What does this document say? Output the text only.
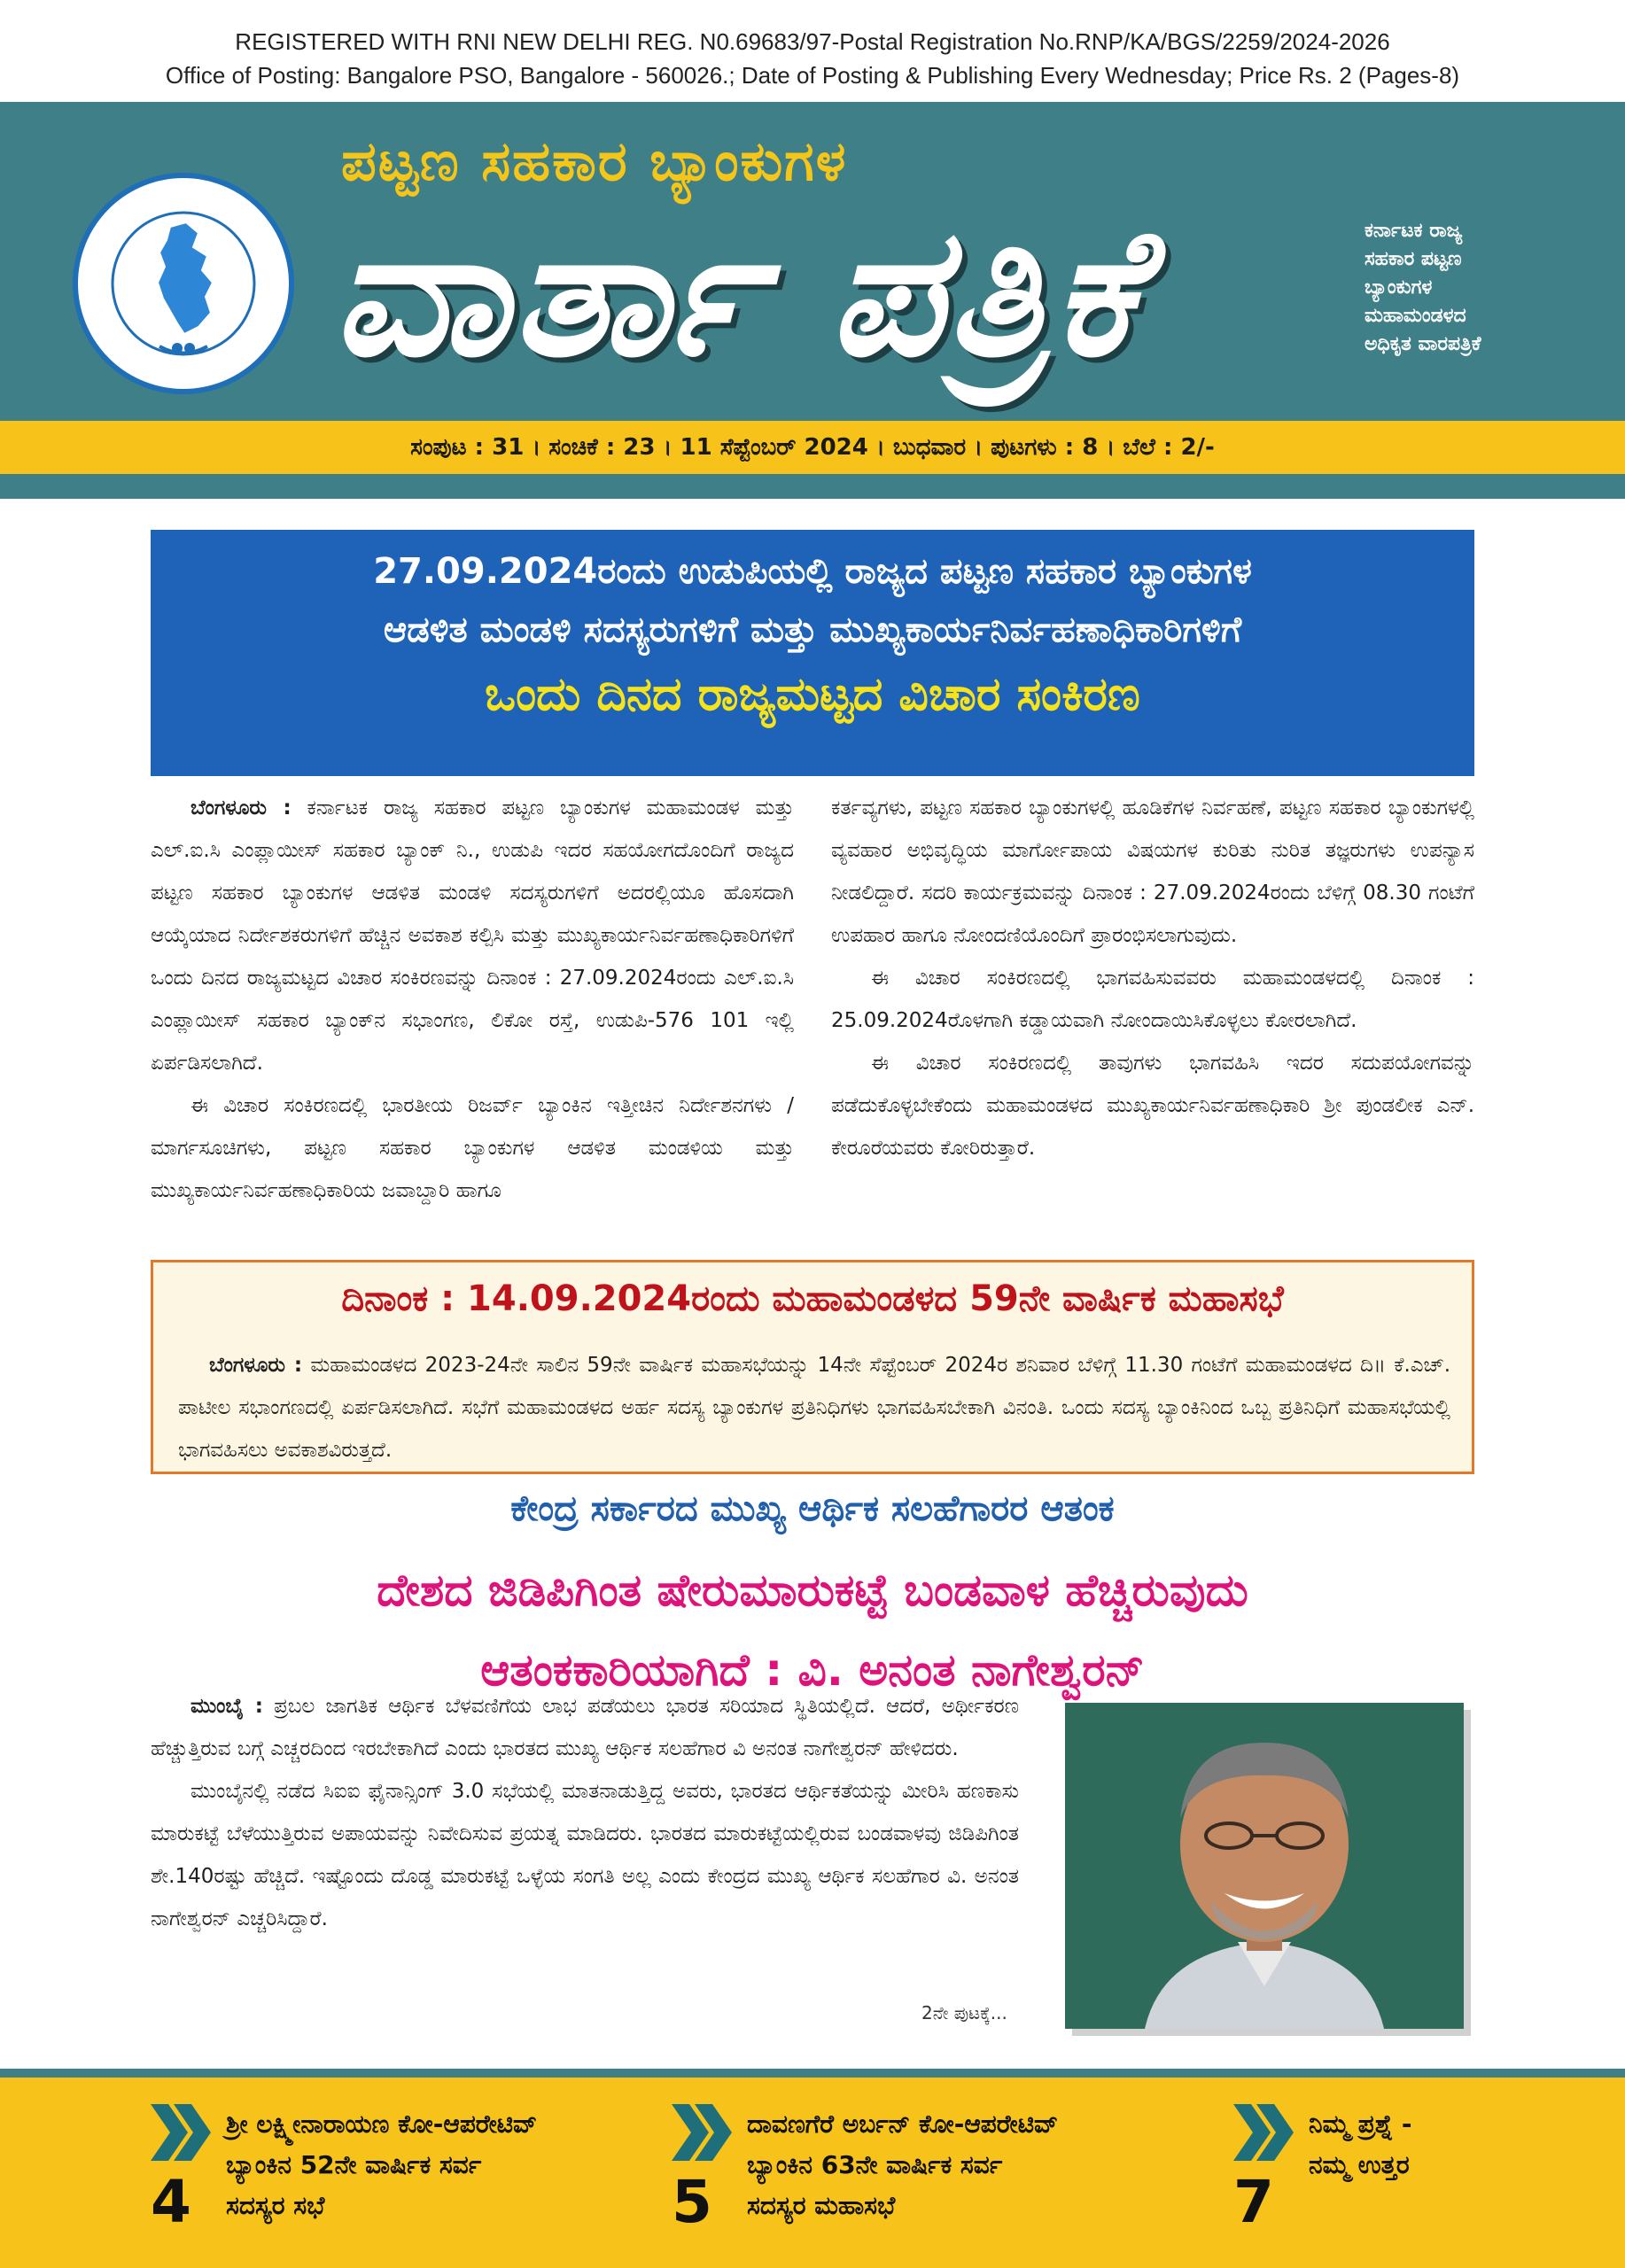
REGISTERED WITH RNI NEW DELHI REG. N0.69683/97-Postal Registration No.RNP/KA/BGS/2259/2024-2026
Office of Posting: Bangalore PSO, Bangalore - 560026.; Date of Posting & Publishing Every Wednesday; Price Rs. 2 (Pages-8)
ಪಟ್ಟಣ ಸಹಕಾರ ಬ್ಯಾಂಕುಗಳ
ವಾರ್ತಾ ಪತ್ರಿಕೆ	ಕರ್ನಾಟಕ ರಾಜ್ಯ
ಸಹಕಾರ ಪಟ್ಟಣ
ಬ್ಯಾಂಕುಗಳ
ಮಹಾಮಂಡಳದ
ಅಧಿಕೃತ ವಾರಪತ್ರಿಕೆ
ಸಂಪುಟ : 31 । ಸಂಚಿಕೆ : 23 । 11 ಸೆಪ್ಟೆಂಬರ್ 2024 । ಬುಧವಾರ । ಪುಟಗಳು : 8 । ಬೆಲೆ : 2/-
27.09.2024ರಂದು ಉಡುಪಿಯಲ್ಲಿ ರಾಜ್ಯದ ಪಟ್ಟಣ ಸಹಕಾರ ಬ್ಯಾಂಕುಗಳ
ಆಡಳಿತ ಮಂಡಳಿ ಸದಸ್ಯರುಗಳಿಗೆ ಮತ್ತು ಮುಖ್ಯಕಾರ್ಯನಿರ್ವಹಣಾಧಿಕಾರಿಗಳಿಗೆ
ಒಂದು ದಿನದ ರಾಜ್ಯಮಟ್ಟದ ವಿಚಾರ ಸಂಕಿರಣ

ಬೆಂಗಳೂರು : ಕರ್ನಾಟಕ ರಾಜ್ಯ ಸಹಕಾರ ಪಟ್ಟಣ ಬ್ಯಾಂಕುಗಳ ಮಹಾಮಂಡಳ ಮತ್ತು ಎಲ್.ಐ.ಸಿ ಎಂಪ್ಲಾಯೀಸ್ ಸಹಕಾರ ಬ್ಯಾಂಕ್ ನಿ., ಉಡುಪಿ ಇದರ ಸಹಯೋಗದೊಂದಿಗೆ ರಾಜ್ಯದ ಪಟ್ಟಣ ಸಹಕಾರ ಬ್ಯಾಂಕುಗಳ ಆಡಳಿತ ಮಂಡಳಿ ಸದಸ್ಯರುಗಳಿಗೆ ಅದರಲ್ಲಿಯೂ ಹೊಸದಾಗಿ ಆಯ್ಕೆಯಾದ ನಿರ್ದೇಶಕರುಗಳಿಗೆ ಹೆಚ್ಚಿನ ಅವಕಾಶ ಕಲ್ಪಿಸಿ ಮತ್ತು ಮುಖ್ಯಕಾರ್ಯನಿರ್ವಹಣಾಧಿಕಾರಿಗಳಿಗೆ ಒಂದು ದಿನದ ರಾಜ್ಯಮಟ್ಟದ ವಿಚಾರ ಸಂಕಿರಣವನ್ನು ದಿನಾಂಕ : 27.09.2024ರಂದು ಎಲ್.ಐ.ಸಿ ಎಂಪ್ಲಾಯೀಸ್ ಸಹಕಾರ ಬ್ಯಾಂಕ್‌ನ ಸಭಾಂಗಣ, ಲಿಕೋ ರಸ್ತೆ, ಉಡುಪಿ-576 101 ಇಲ್ಲಿ ಏರ್ಪಡಿಸಲಾಗಿದೆ.

ಈ ವಿಚಾರ ಸಂಕಿರಣದಲ್ಲಿ ಭಾರತೀಯ ರಿಜರ್ವ್ ಬ್ಯಾಂಕಿನ ಇತ್ತೀಚಿನ ನಿರ್ದೇಶನಗಳು / ಮಾರ್ಗಸೂಚಿಗಳು, ಪಟ್ಟಣ ಸಹಕಾರ ಬ್ಯಾಂಕುಗಳ ಆಡಳಿತ ಮಂಡಳಿಯ ಮತ್ತು ಮುಖ್ಯಕಾರ್ಯನಿರ್ವಹಣಾಧಿಕಾರಿಯ ಜವಾಬ್ದಾರಿ ಹಾಗೂ

ಕರ್ತವ್ಯಗಳು, ಪಟ್ಟಣ ಸಹಕಾರ ಬ್ಯಾಂಕುಗಳಲ್ಲಿ ಹೂಡಿಕೆಗಳ ನಿರ್ವಹಣೆ, ಪಟ್ಟಣ ಸಹಕಾರ ಬ್ಯಾಂಕುಗಳಲ್ಲಿ ವ್ಯವಹಾರ ಅಭಿವೃದ್ಧಿಯ ಮಾರ್ಗೋಪಾಯ ವಿಷಯಗಳ ಕುರಿತು ನುರಿತ ತಜ್ಞರುಗಳು ಉಪನ್ಯಾಸ ನೀಡಲಿದ್ದಾರೆ. ಸದರಿ ಕಾರ್ಯಕ್ರಮವನ್ನು ದಿನಾಂಕ : 27.09.2024ರಂದು ಬೆಳಿಗ್ಗೆ 08.30 ಗಂಟೆಗೆ ಉಪಹಾರ ಹಾಗೂ ನೋಂದಣಿಯೊಂದಿಗೆ ಪ್ರಾರಂಭಿಸಲಾಗುವುದು.

ಈ ವಿಚಾರ ಸಂಕಿರಣದಲ್ಲಿ ಭಾಗವಹಿಸುವವರು ಮಹಾಮಂಡಳದಲ್ಲಿ ದಿನಾಂಕ : 25.09.2024ರೊಳಗಾಗಿ ಕಡ್ಡಾಯವಾಗಿ ನೋಂದಾಯಿಸಿಕೊಳ್ಳಲು ಕೋರಲಾಗಿದೆ.

ಈ ವಿಚಾರ ಸಂಕಿರಣದಲ್ಲಿ ತಾವುಗಳು ಭಾಗವಹಿಸಿ ಇದರ ಸದುಪಯೋಗವನ್ನು ಪಡೆದುಕೊಳ್ಳಬೇಕೆಂದು ಮಹಾಮಂಡಳದ ಮುಖ್ಯಕಾರ್ಯನಿರ್ವಹಣಾಧಿಕಾರಿ ಶ್ರೀ ಪುಂಡಲೀಕ ಎನ್. ಕೇರೂರೆಯವರು ಕೋರಿರುತ್ತಾರೆ.

ದಿನಾಂಕ : 14.09.2024ರಂದು ಮಹಾಮಂಡಳದ 59ನೇ ವಾರ್ಷಿಕ ಮಹಾಸಭೆ
ಬೆಂಗಳೂರು : ಮಹಾಮಂಡಳದ 2023-24ನೇ ಸಾಲಿನ 59ನೇ ವಾರ್ಷಿಕ ಮಹಾಸಭೆಯನ್ನು 14ನೇ ಸೆಪ್ಟೆಂಬರ್ 2024ರ ಶನಿವಾರ ಬೆಳಿಗ್ಗೆ 11.30 ಗಂಟೆಗೆ ಮಹಾಮಂಡಳದ ದಿ॥ ಕೆ.ಎಚ್. ಪಾಟೀಲ ಸಭಾಂಗಣದಲ್ಲಿ ಏರ್ಪಡಿಸಲಾಗಿದೆ. ಸಭೆಗೆ ಮಹಾಮಂಡಳದ ಅರ್ಹ ಸದಸ್ಯ ಬ್ಯಾಂಕುಗಳ ಪ್ರತಿನಿಧಿಗಳು ಭಾಗವಹಿಸಬೇಕಾಗಿ ವಿನಂತಿ. ಒಂದು ಸದಸ್ಯ ಬ್ಯಾಂಕಿನಿಂದ ಒಬ್ಬ ಪ್ರತಿನಿಧಿಗೆ ಮಹಾಸಭೆಯಲ್ಲಿ ಭಾಗವಹಿಸಲು ಅವಕಾಶವಿರುತ್ತದೆ.
ಕೇಂದ್ರ ಸರ್ಕಾರದ ಮುಖ್ಯ ಆರ್ಥಿಕ ಸಲಹೆಗಾರರ ಆತಂಕ
ದೇಶದ ಜಿಡಿಪಿಗಿಂತ ಷೇರುಮಾರುಕಟ್ಟೆ ಬಂಡವಾಳ ಹೆಚ್ಚಿರುವುದು
ಆತಂಕಕಾರಿಯಾಗಿದೆ : ವಿ. ಅನಂತ ನಾಗೇಶ್ವರನ್

ಮುಂಬೈ : ಪ್ರಬಲ ಜಾಗತಿಕ ಆರ್ಥಿಕ ಬೆಳವಣಿಗೆಯ ಲಾಭ ಪಡೆಯಲು ಭಾರತ ಸರಿಯಾದ ಸ್ಥಿತಿಯಲ್ಲಿದೆ. ಆದರೆ, ಅರ್ಥೀಕರಣ ಹೆಚ್ಚುತ್ತಿರುವ ಬಗ್ಗೆ ಎಚ್ಚರದಿಂದ ಇರಬೇಕಾಗಿದೆ ಎಂದು ಭಾರತದ ಮುಖ್ಯ ಆರ್ಥಿಕ ಸಲಹೆಗಾರ ವಿ ಅನಂತ ನಾಗೇಶ್ವರನ್ ಹೇಳಿದರು.

ಮುಂಬೈನಲ್ಲಿ ನಡೆದ ಸಿಐಐ ಫೈನಾನ್ಸಿಂಗ್ 3.0 ಸಭೆಯಲ್ಲಿ ಮಾತನಾಡುತ್ತಿದ್ದ ಅವರು, ಭಾರತದ ಆರ್ಥಿಕತೆಯನ್ನು ಮೀರಿಸಿ ಹಣಕಾಸು ಮಾರುಕಟ್ಟೆ ಬೆಳೆಯುತ್ತಿರುವ ಅಪಾಯವನ್ನು ನಿವೇದಿಸುವ ಪ್ರಯತ್ನ ಮಾಡಿದರು. ಭಾರತದ ಮಾರುಕಟ್ಟೆಯಲ್ಲಿರುವ ಬಂಡವಾಳವು ಜಿಡಿಪಿಗಿಂತ ಶೇ.140ರಷ್ಟು ಹೆಚ್ಚಿದೆ. ಇಷ್ಟೊಂದು ದೊಡ್ಡ ಮಾರುಕಟ್ಟೆ ಒಳ್ಳೆಯ ಸಂಗತಿ ಅಲ್ಲ ಎಂದು ಕೇಂದ್ರದ ಮುಖ್ಯ ಆರ್ಥಿಕ ಸಲಹೆಗಾರ ವಿ. ಅನಂತ ನಾಗೇಶ್ವರನ್ ಎಚ್ಚರಿಸಿದ್ದಾರೆ.

2ನೇ ಪುಟಕ್ಕೆ...
4
ಶ್ರೀ ಲಕ್ಷ್ಮೀನಾರಾಯಣ ಕೋ-ಆಪರೇಟಿವ್
ಬ್ಯಾಂಕಿನ 52ನೇ ವಾರ್ಷಿಕ ಸರ್ವ
ಸದಸ್ಯರ ಸಭೆ	5
ದಾವಣಗೆರೆ ಅರ್ಬನ್ ಕೋ-ಆಪರೇಟಿವ್
ಬ್ಯಾಂಕಿನ 63ನೇ ವಾರ್ಷಿಕ ಸರ್ವ
ಸದಸ್ಯರ ಮಹಾಸಭೆ	7
ನಿಮ್ಮ ಪ್ರಶ್ನೆ -
ನಮ್ಮ ಉತ್ತರ
